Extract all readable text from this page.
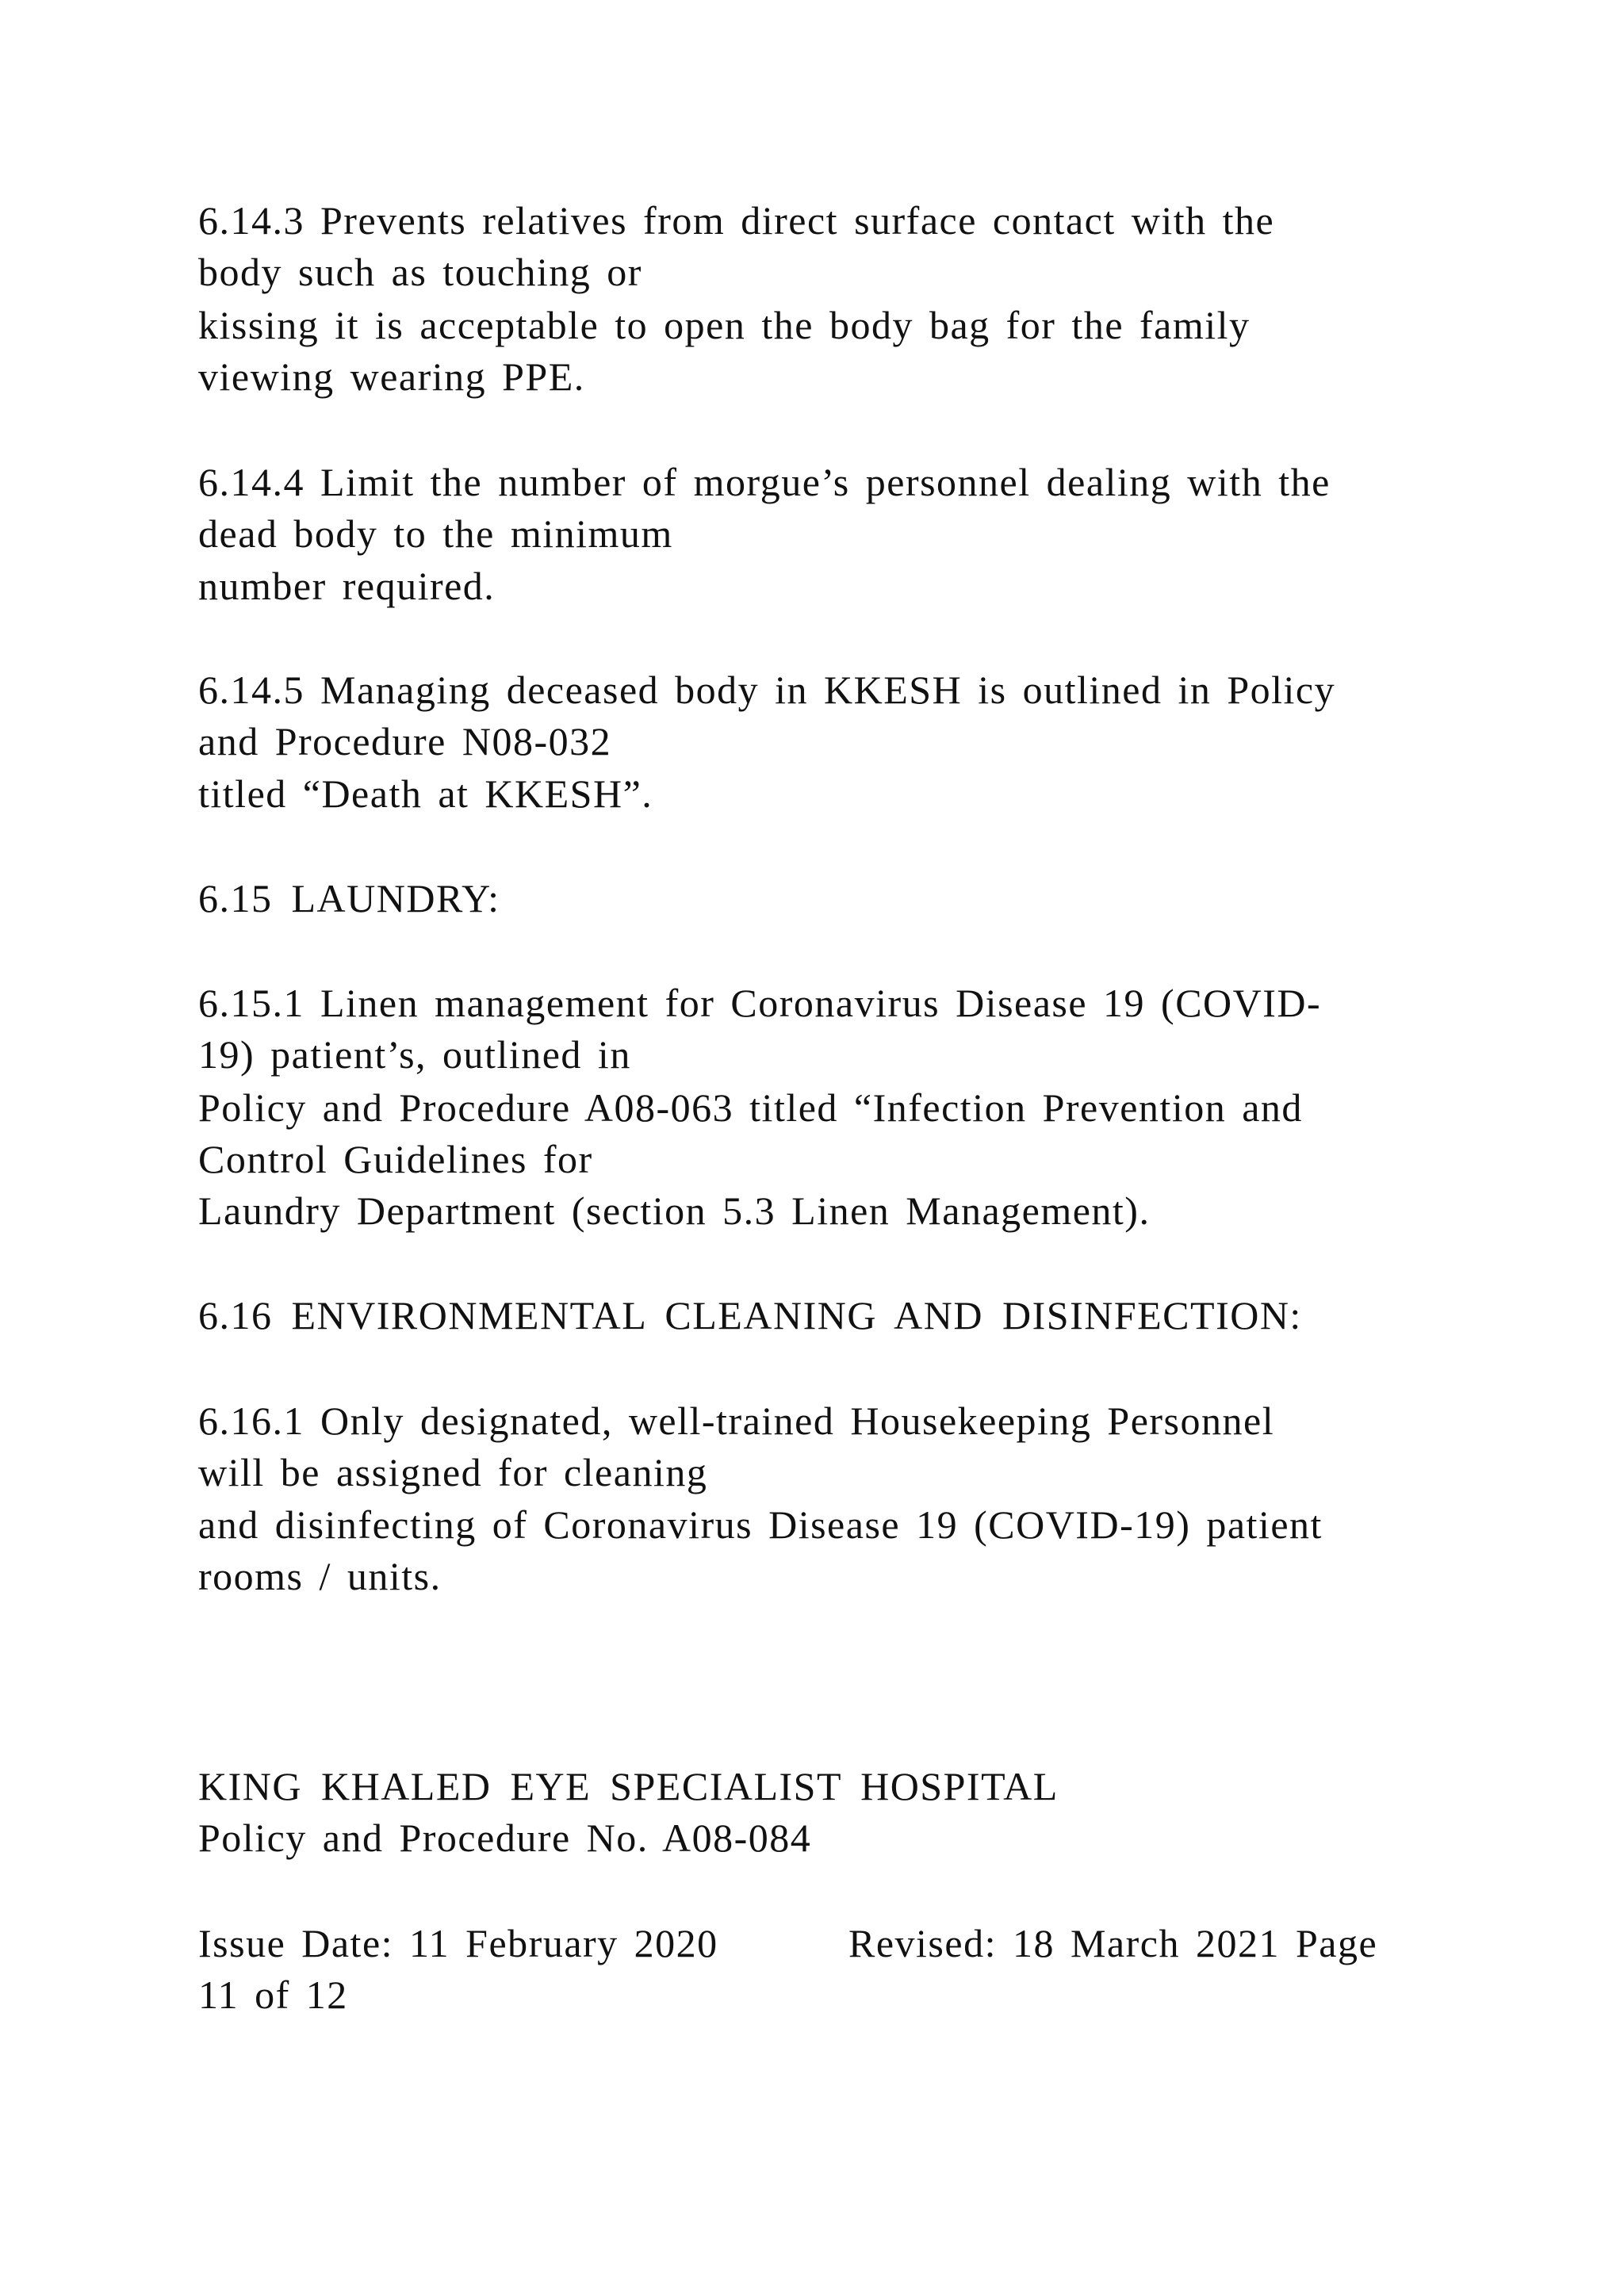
6.14.3 Prevents relatives from direct surface contact with the

body such as touching or

kissing it is acceptable to open the body bag for the family

viewing wearing PPE.

6.14.4 Limit the number of morgue’s personnel dealing with the

dead body to the minimum

number required.

6.14.5 Managing deceased body in KKESH is outlined in Policy

and Procedure N08-032

titled “Death at KKESH”.

6.15 LAUNDRY:

6.15.1 Linen management for Coronavirus Disease 19 (COVID-

19) patient’s, outlined in

Policy and Procedure A08-063 titled “Infection Prevention and

Control Guidelines for

Laundry Department (section 5.3 Linen Management).

6.16 ENVIRONMENTAL CLEANING AND DISINFECTION:

6.16.1 Only designated, well-trained Housekeeping Personnel

will be assigned for cleaning

and disinfecting of Coronavirus Disease 19 (COVID-19) patient

rooms / units.

KING KHALED EYE SPECIALIST HOSPITAL

Policy and Procedure No. A08-084

Issue Date: 11 February 2020	Revised: 18 March 2021 Page

11 of 12
